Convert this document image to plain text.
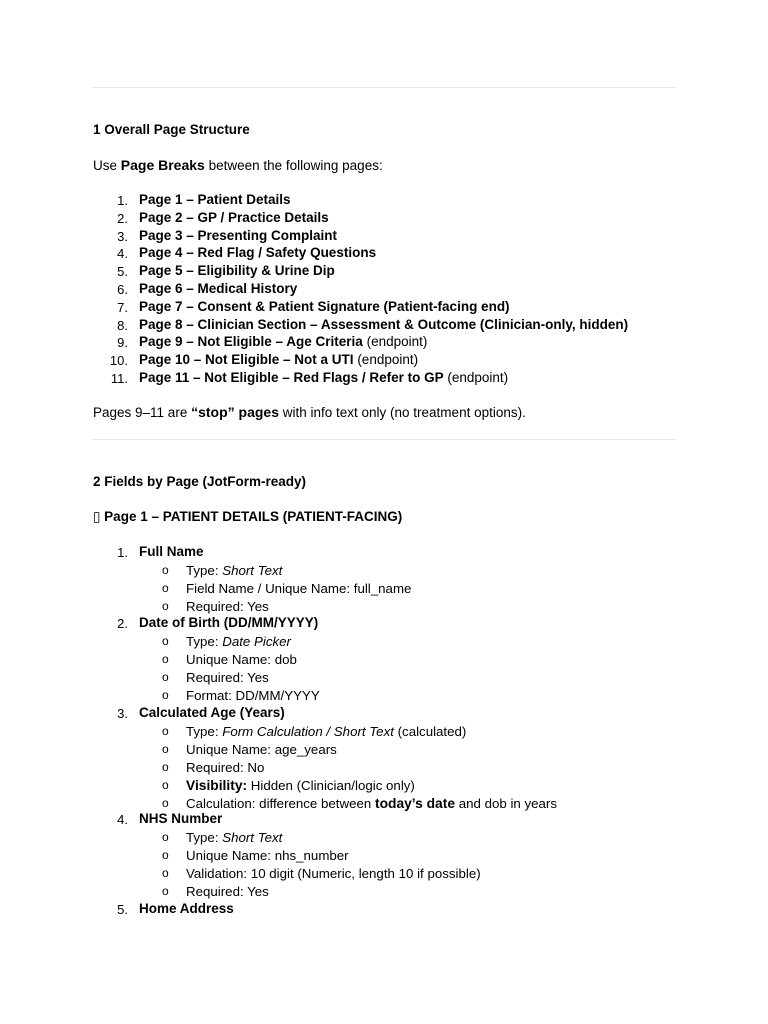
1 Overall Page Structure
Use Page Breaks between the following pages:
1. Page 1 – Patient Details
2. Page 2 – GP / Practice Details
3. Page 3 – Presenting Complaint
4. Page 4 – Red Flag / Safety Questions
5. Page 5 – Eligibility & Urine Dip
6. Page 6 – Medical History
7. Page 7 – Consent & Patient Signature (Patient-facing end)
8. Page 8 – Clinician Section – Assessment & Outcome (Clinician-only, hidden)
9. Page 9 – Not Eligible – Age Criteria (endpoint)
10. Page 10 – Not Eligible – Not a UTI (endpoint)
11. Page 11 – Not Eligible – Red Flags / Refer to GP (endpoint)
Pages 9–11 are “stop” pages with info text only (no treatment options).
2 Fields by Page (JotForm-ready)
▯ Page 1 – PATIENT DETAILS (PATIENT-FACING)
1. Full Name
o Type: Short Text
o Field Name / Unique Name: full_name
o Required: Yes
2. Date of Birth (DD/MM/YYYY)
o Type: Date Picker
o Unique Name: dob
o Required: Yes
o Format: DD/MM/YYYY
3. Calculated Age (Years)
o Type: Form Calculation / Short Text (calculated)
o Unique Name: age_years
o Required: No
o Visibility: Hidden (Clinician/logic only)
o Calculation: difference between today’s date and dob in years
4. NHS Number
o Type: Short Text
o Unique Name: nhs_number
o Validation: 10 digit (Numeric, length 10 if possible)
o Required: Yes
5. Home Address
